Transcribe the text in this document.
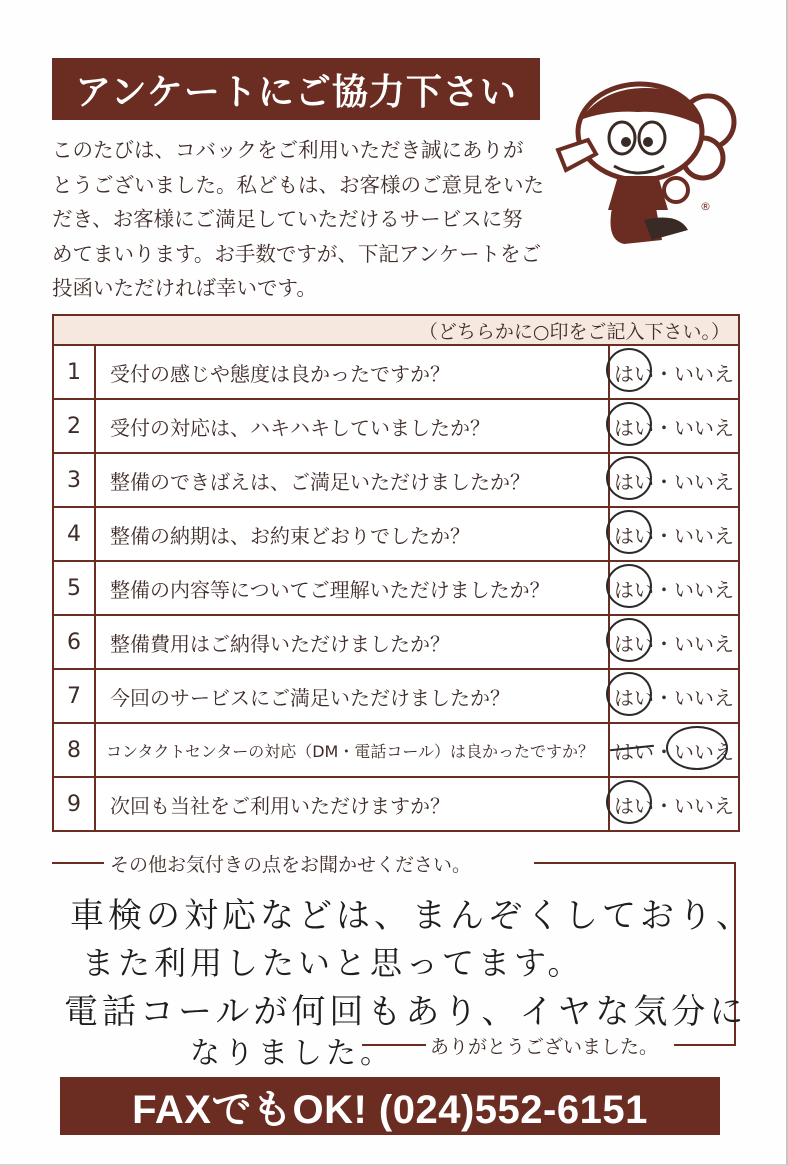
アンケートにご協力下さい
このたびは、コバックをご利用いただき誠にありが
とうございました。私どもは、お客様のご意見をいた
だき、お客様にご満足していただけるサービスに努
めてまいります。お手数ですが、下記アンケートをご
投函いただければ幸いです。
®
（どちらかに○印をご記入下さい。）
1	受付の感じや態度は良かったですか？	はい ・ いいえ
2	受付の対応は、ハキハキしていましたか？	はい ・ いいえ
3	整備のできばえは、ご満足いただけましたか？	はい ・ いいえ
4	整備の納期は、お約束どおりでしたか？	はい ・ いいえ
5	整備の内容等についてご理解いただけましたか？	はい ・ いいえ
6	整備費用はご納得いただけましたか？	はい ・ いいえ
7	今回のサービスにご満足いただけましたか？	はい ・ いいえ
8	コンタクトセンターの対応（DM・電話コール）は良かったですか？ はい ・ いいえ
9	次回も当社をご利用いただけますか？	はい ・ いいえ
その他お気付きの点をお聞かせください。
車検の対応などは、まんぞくしており、
また利用したいと思ってます。
電話コールが何回もあり、イヤな気分に
なりました。 ありがとうございました。
FAXでもOK! (024)552-6151
